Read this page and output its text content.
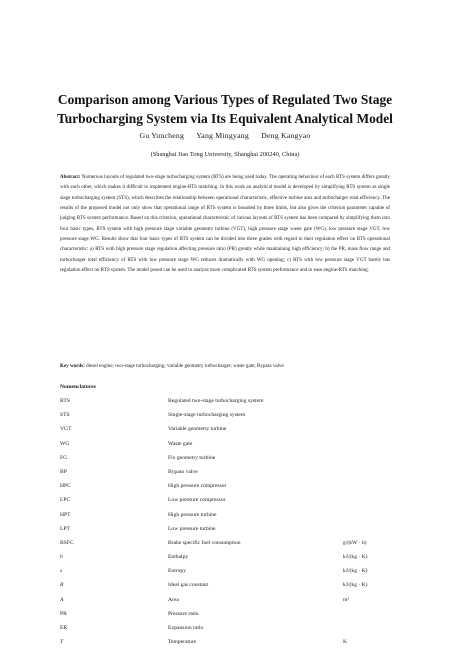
Comparison among Various Types of Regulated Two Stage
Turbocharging System via Its Equivalent Analytical Model
Gu Yuncheng Yang Mingyang Deng Kangyao
(Shanghai Jiao Tong University, Shanghai 200240, China)

Abstract: Numerous layouts of regulated two-stage turbocharging system (RTS) are being used today. The operating behaviour of each RTS system differs greatly with each other, which makes it difficult to implement engine-RTS matching. In this work an analytical model is developed by simplifying RTS system as single stage turbocharging system (STS), which describes the relationship between operational characteristic, effective turbine area and turbocharger total efficiency. The results of the proposed model not only show that operational range of RTS system is bounded by three limits, but also gives the criterion parameter capable of judging RTS system performance. Based on this criterion, operational characteristic of various layouts of RTS system has been compared by simplifying them into four basic types, RTS system with high pressure stage variable geometry turbine (VGT), high pressure stage waste gate (WG), low pressure stage VGT, low pressure stage WG. Results show that four basic types of RTS system can be divided into three grades with regard to their regulation effect on RTS operational characteristic: a) RTS with high pressure stage regulation affecting pressure ratio (PR) greatly while maintaining high efficiency; b) the PR, mass flow range and turbocharger total efficiency of RTS with low pressure stage WG reduces dramatically with WG opening; c) RTS with low pressure stage VGT barely has regulation effect on RTS system. The model posed can be used to analyze more complicated RTS system performance and to ease engine-RTS matching.

Key words: diesel engine; two-stage turbocharging; variable geometry turbocharger; waste gate; Bypass valve

Nomenclatures
RTS	Regulated two-stage turbocharging system
STS	Single-stage turbocharging system
VGT	Variable geometry turbine
WG	Waste gate
FG	Fix geometry turbine
BP	Bypass valve
HPC	High pressure compressor
LPC	Low pressure compressor
HPT	High pressure turbine
LPT	Low pressure turbine
BSFC	Brake specific fuel consumption	g/(kW · h)
h	Enthalpy	kJ/(kg · K)
s	Entropy	kJ/(kg · K)
R	Ideal gas constant	kJ/(kg · K)
A	Area	m²
PR	Pressure ratio
ER	Expansion ratio
T	Temperature	K
